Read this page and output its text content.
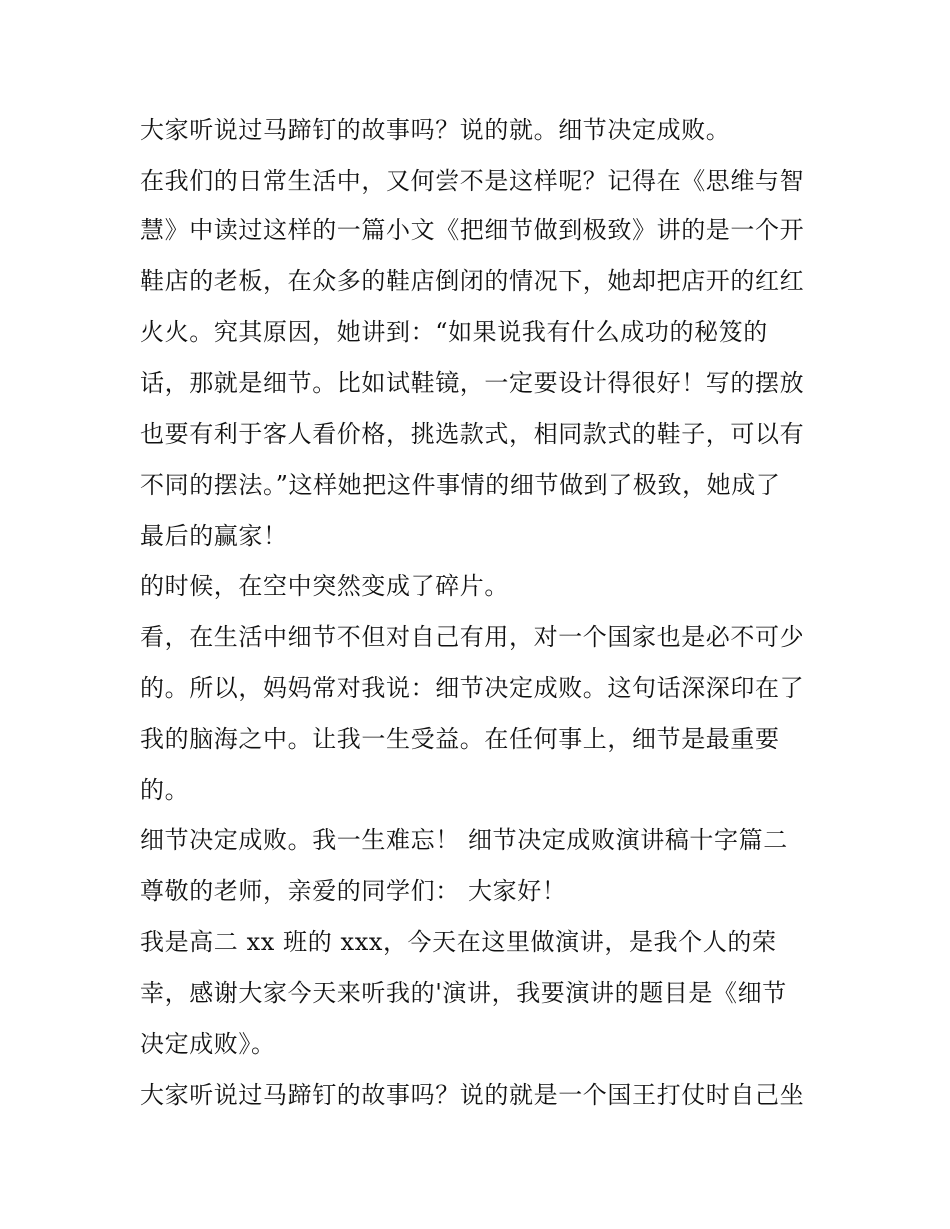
大家听说过马蹄钉的故事吗？说的就。细节决定成败。
在我们的日常生活中，又何尝不是这样呢？记得在《思维与智
慧》中读过这样的一篇小文《把细节做到极致》讲的是一个开
鞋店的老板，在众多的鞋店倒闭的情况下，她却把店开的红红
火火。究其原因，她讲到：“如果说我有什么成功的秘笈的
话，那就是细节。比如试鞋镜，一定要设计得很好！写的摆放
也要有利于客人看价格，挑选款式，相同款式的鞋子，可以有
不同的摆法。”这样她把这件事情的细节做到了极致，她成了
最后的赢家！
的时候，在空中突然变成了碎片。
看，在生活中细节不但对自己有用，对一个国家也是必不可少
的。所以，妈妈常对我说：细节决定成败。这句话深深印在了
我的脑海之中。让我一生受益。在任何事上，细节是最重要
的。
细节决定成败。我一生难忘！ 细节决定成败演讲稿十字篇二
尊敬的老师，亲爱的同学们： 大家好！
我是高二 xx 班的 xxx，今天在这里做演讲，是我个人的荣
幸，感谢大家今天来听我的'演讲，我要演讲的题目是《细节
决定成败》。
大家听说过马蹄钉的故事吗？说的就是一个国王打仗时自己坐
